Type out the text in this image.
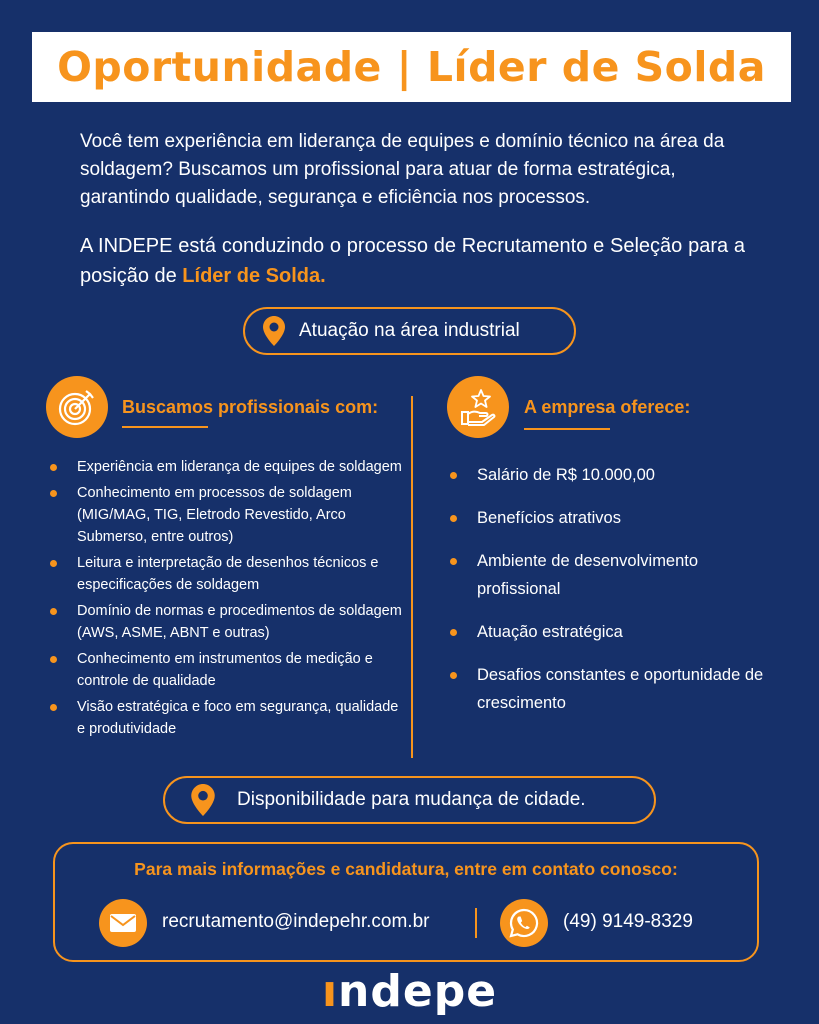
Oportunidade | Líder de Solda

Você tem experiência em liderança de equipes e domínio técnico na área da soldagem? Buscamos um profissional para atuar de forma estratégica, garantindo qualidade, segurança e eficiência nos processos.

A INDEPE está conduzindo o processo de Recrutamento e Seleção para a posição de Líder de Solda.

Atuação na área industrial
Buscamos profissionais com:
Experiência em liderança de equipes de soldagem
Conhecimento em processos de soldagem (MIG/MAG, TIG, Eletrodo Revestido, Arco Submerso, entre outros)
Leitura e interpretação de desenhos técnicos e especificações de soldagem
Domínio de normas e procedimentos de soldagem (AWS, ASME, ABNT e outras)
Conhecimento em instrumentos de medição e controle de qualidade
Visão estratégica e foco em segurança, qualidade e produtividade
A empresa oferece:
Salário de R$ 10.000,00
Benefícios atrativos
Ambiente de desenvolvimento profissional
Atuação estratégica
Desafios constantes e oportunidade de crescimento
Disponibilidade para mudança de cidade.
Para mais informações e candidatura, entre em contato conosco:
recrutamento@indepehr.com.br	(49) 9149-8329
ındepe
